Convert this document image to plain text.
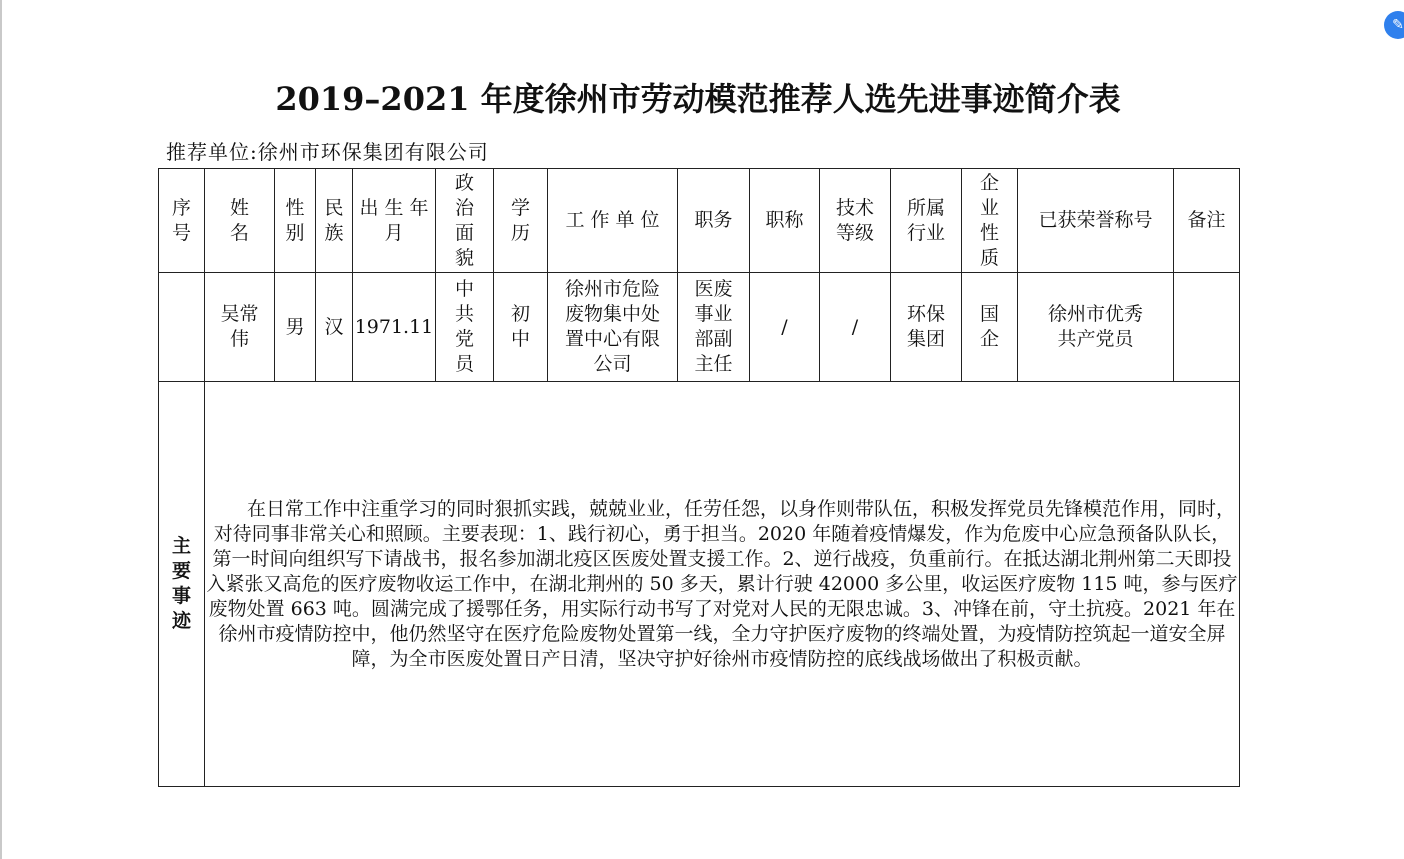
✎
2019–2021 年度徐州市劳动模范推荐人选先进事迹简介表
推荐单位:徐州市环保集团有限公司
序号	姓名	性别	民族	出 生 年 月	政治面貌	学历	工 作 单 位	职务	职称	技术等级	所属行业	企业性质	已获荣誉称号	备注
	吴常伟	男	汉	1971.11	中共党员	初中	徐州市危险废物集中处置中心有限公司	医废事业部副主任	/	/	环保集团	国企	徐州市优秀共产党员	
主要事迹	在日常工作中注重学习的同时狠抓实践，兢兢业业，任劳任怨，以身作则带队伍，积极发挥党员先锋模范作用，同时，对待同事非常关心和照顾。主要表现：1、践行初心，勇于担当。2020 年随着疫情爆发，作为危废中心应急预备队队长，第一时间向组织写下请战书，报名参加湖北疫区医废处置支援工作。2、逆行战疫，负重前行。在抵达湖北荆州第二天即投入紧张又高危的医疗废物收运工作中，在湖北荆州的 50 多天，累计行驶 42000 多公里，收运医疗废物 115 吨，参与医疗废物处置 663 吨。圆满完成了援鄂任务，用实际行动书写了对党对人民的无限忠诚。3、冲锋在前，守土抗疫。2021 年在徐州市疫情防控中，他仍然坚守在医疗危险废物处置第一线，全力守护医疗废物的终端处置，为疫情防控筑起一道安全屏障，为全市医废处置日产日清，坚决守护好徐州市疫情防控的底线战场做出了积极贡献。													
